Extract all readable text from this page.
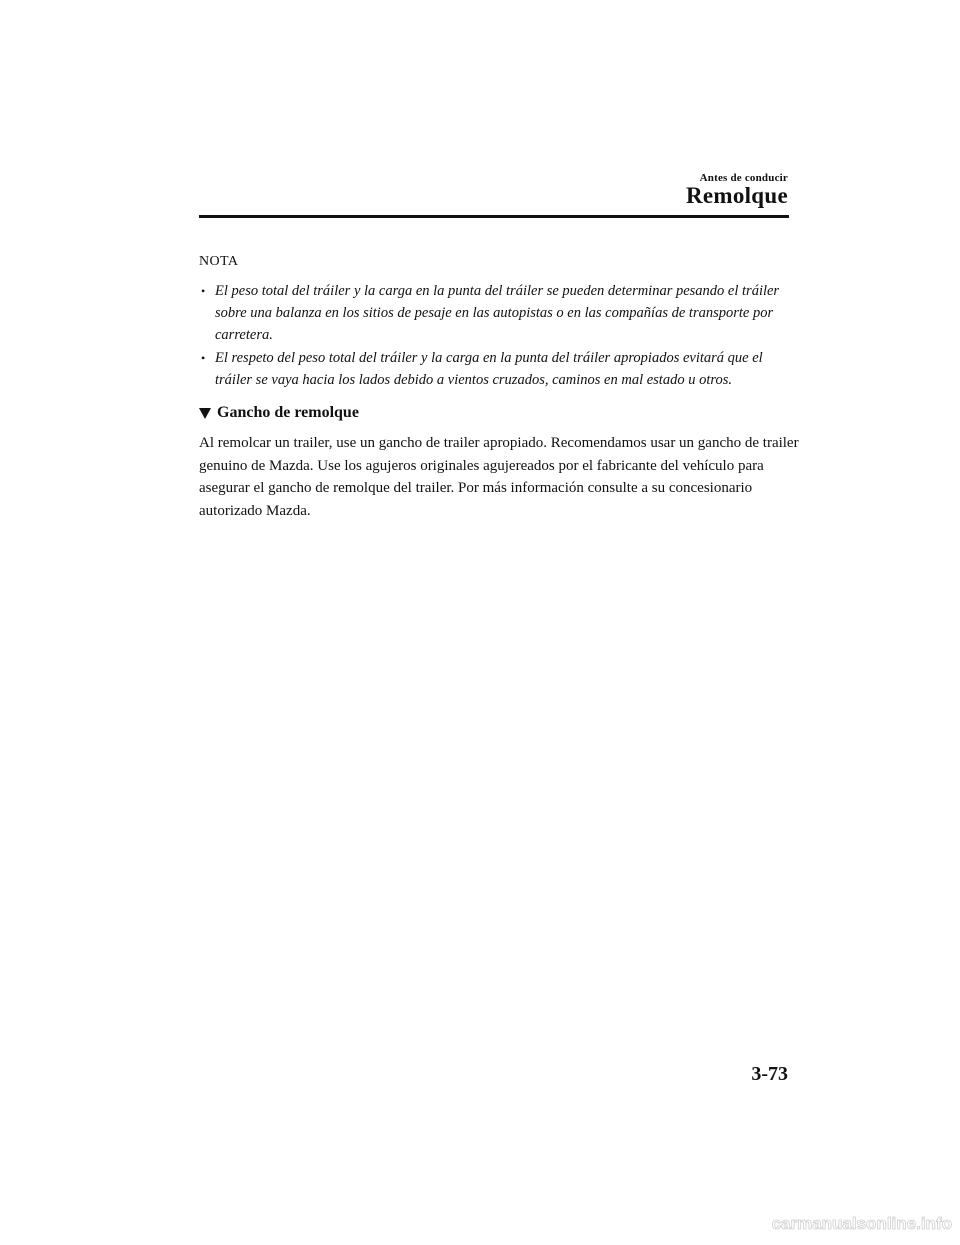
Antes de conducir
Remolque
NOTA
• El peso total del tráiler y la carga en la punta del tráiler se pueden determinar pesando el tráiler sobre una balanza en los sitios de pesaje en las autopistas o en las compañías de transporte por carretera.
• El respeto del peso total del tráiler y la carga en la punta del tráiler apropiados evitará que el tráiler se vaya hacia los lados debido a vientos cruzados, caminos en mal estado u otros.
Gancho de remolque
Al remolcar un trailer, use un gancho de trailer apropiado. Recomendamos usar un gancho de trailer genuino de Mazda. Use los agujeros originales agujereados por el fabricante del vehículo para asegurar el gancho de remolque del trailer. Por más información consulte a su concesionario autorizado Mazda.
3-73
carmanualsonline.info
